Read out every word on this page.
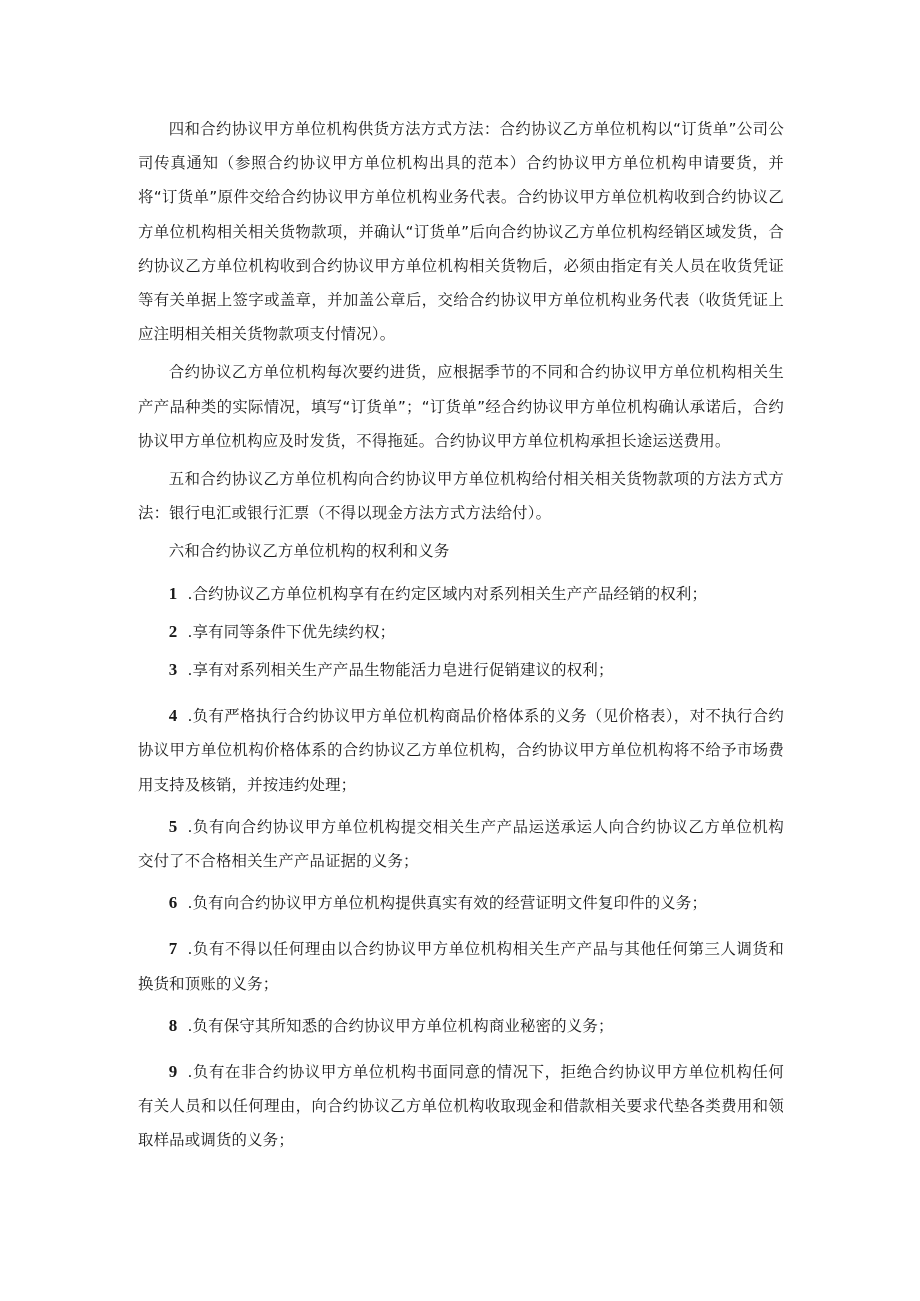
四和合约协议甲方单位机构供货方法方式方法：合约协议乙方单位机构以“订货单”公司公司传真通知（参照合约协议甲方单位机构出具的范本）合约协议甲方单位机构申请要货，并将“订货单”原件交给合约协议甲方单位机构业务代表。合约协议甲方单位机构收到合约协议乙方单位机构相关相关货物款项，并确认“订货单”后向合约协议乙方单位机构经销区域发货，合约协议乙方单位机构收到合约协议甲方单位机构相关货物后，必须由指定有关人员在收货凭证等有关单据上签字或盖章，并加盖公章后，交给合约协议甲方单位机构业务代表（收货凭证上应注明相关相关货物款项支付情况）。

合约协议乙方单位机构每次要约进货，应根据季节的不同和合约协议甲方单位机构相关生产产品种类的实际情况，填写“订货单”；“订货单”经合约协议甲方单位机构确认承诺后，合约协议甲方单位机构应及时发货，不得拖延。合约协议甲方单位机构承担长途运送费用。

五和合约协议乙方单位机构向合约协议甲方单位机构给付相关相关货物款项的方法方式方法：银行电汇或银行汇票（不得以现金方法方式方法给付）。

六和合约协议乙方单位机构的权利和义务

1 .合约协议乙方单位机构享有在约定区域内对系列相关生产产品经销的权利；

2 .享有同等条件下优先续约权；

3 .享有对系列相关生产产品生物能活力皂进行促销建议的权利；

4 .负有严格执行合约协议甲方单位机构商品价格体系的义务（见价格表），对不执行合约协议甲方单位机构价格体系的合约协议乙方单位机构，合约协议甲方单位机构将不给予市场费用支持及核销，并按违约处理；

5 .负有向合约协议甲方单位机构提交相关生产产品运送承运人向合约协议乙方单位机构交付了不合格相关生产产品证据的义务；

6 .负有向合约协议甲方单位机构提供真实有效的经营证明文件复印件的义务；

7 .负有不得以任何理由以合约协议甲方单位机构相关生产产品与其他任何第三人调货和换货和顶账的义务；

8 .负有保守其所知悉的合约协议甲方单位机构商业秘密的义务；

9 .负有在非合约协议甲方单位机构书面同意的情况下，拒绝合约协议甲方单位机构任何有关人员和以任何理由，向合约协议乙方单位机构收取现金和借款相关要求代垫各类费用和领取样品或调货的义务；
